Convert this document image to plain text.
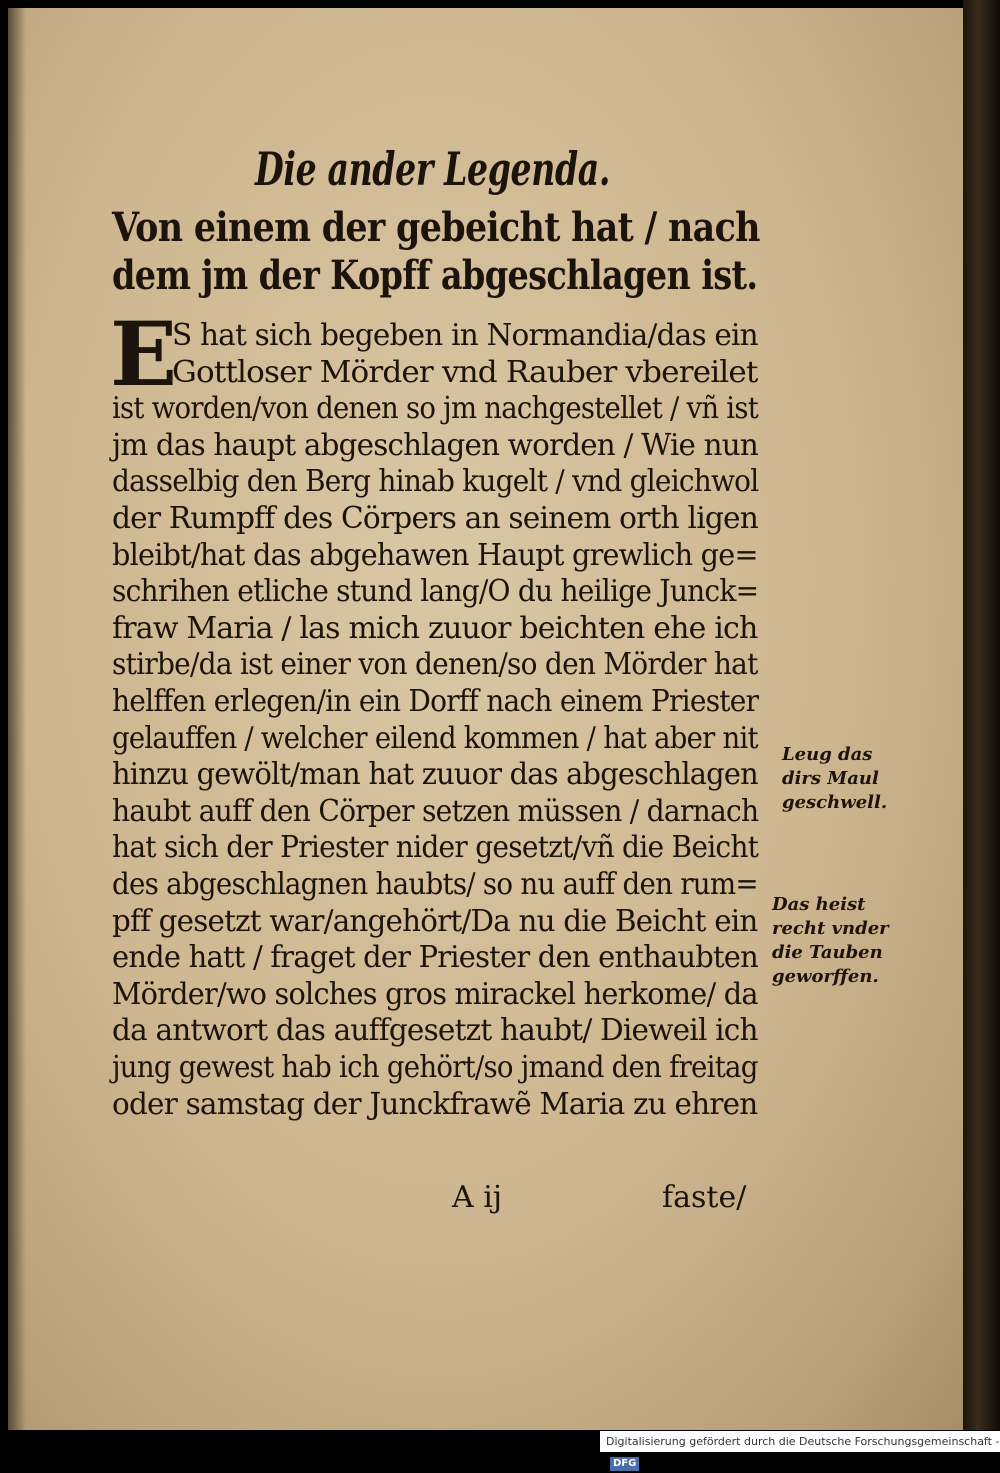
Die ander Legenda.
Von einem der gebeicht hat / nach
dem jm der Kopff abgeschlagen ist.
E
S hat sich begeben in Normandia/das ein
Gottloser Mörder vnd Rauber vbereilet
ist worden/von denen so jm nachgestellet / vñ ist
jm das haupt abgeschlagen worden / Wie nun
dasselbig den Berg hinab kugelt / vnd gleichwol
der Rumpff des Cörpers an seinem orth ligen
bleibt/hat das abgehawen Haupt grewlich ge=
schrihen etliche stund lang/O du heilige Junck=
fraw Maria / las mich zuuor beichten ehe ich
stirbe/da ist einer von denen/so den Mörder hat
helffen erlegen/in ein Dorff nach einem Priester
gelauffen / welcher eilend kommen / hat aber nit
hinzu gewölt/man hat zuuor das abgeschlagen
haubt auff den Cörper setzen müssen / darnach
hat sich der Priester nider gesetzt/vñ die Beicht
des abgeschlagnen haubts/ so nu auff den rum=
pff gesetzt war/angehört/Da nu die Beicht ein
ende hatt / fraget der Priester den enthaubten
Mörder/wo solches gros mirackel herkome/ da
da antwort das auffgesetzt haubt/ Dieweil ich
jung gewest hab ich gehört/so jmand den freitag
oder samstag der Junckfrawẽ Maria zu ehren
Leug das
dirs Maul
geschwell.
Das heist
recht vnder
die Tauben
geworffen.
A ij	faste/
Digitalisierung gefördert durch die Deutsche Forschungsgemeinschaft - DFG
